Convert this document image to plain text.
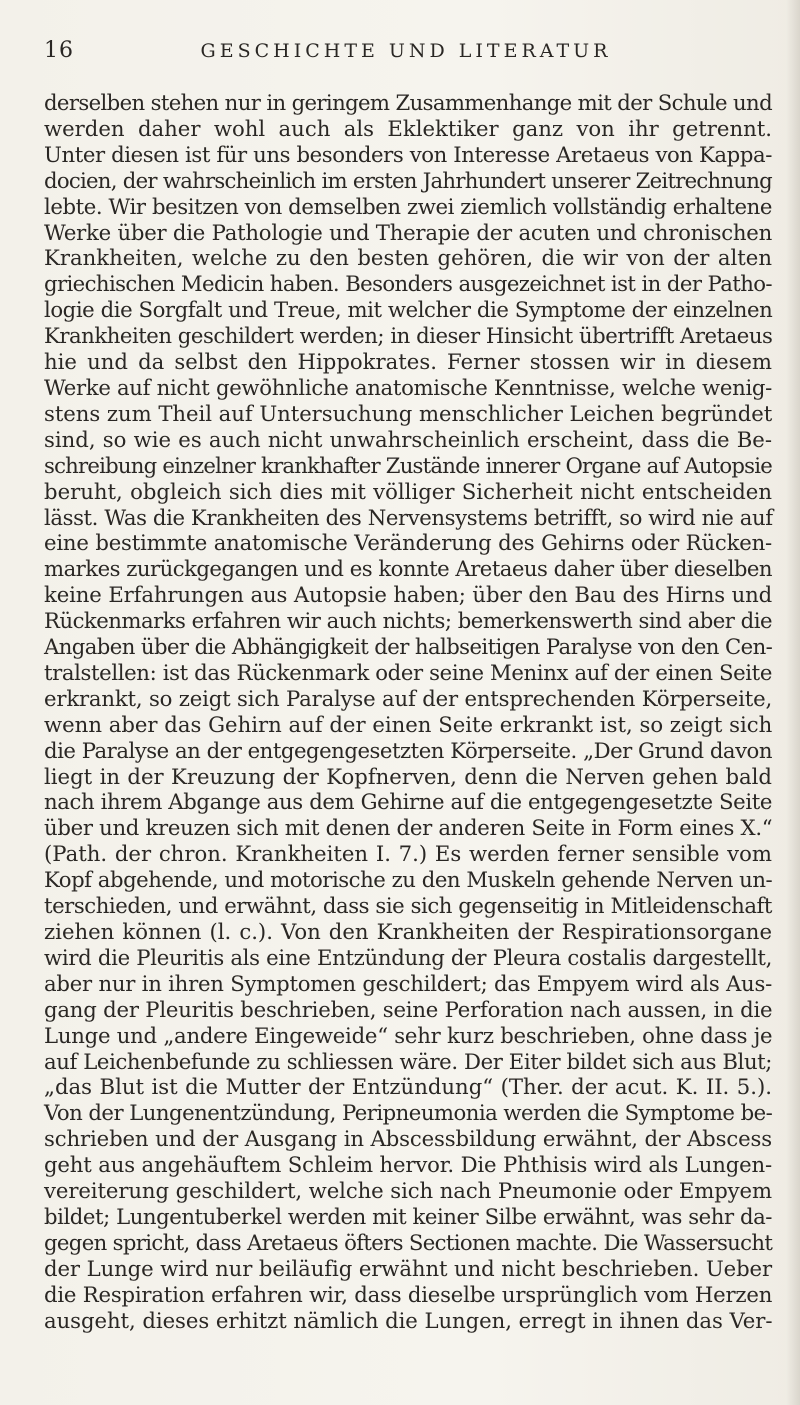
16	GESCHICHTE UND LITERATUR
derselben stehen nur in geringem Zusammenhange mit der Schule und
werden daher wohl auch als Eklektiker ganz von ihr getrennt.
Unter diesen ist für uns besonders von Interesse Aretaeus von Kappa-
docien, der wahrscheinlich im ersten Jahrhundert unserer Zeitrechnung
lebte. Wir besitzen von demselben zwei ziemlich vollständig erhaltene
Werke über die Pathologie und Therapie der acuten und chronischen
Krankheiten, welche zu den besten gehören, die wir von der alten
griechischen Medicin haben. Besonders ausgezeichnet ist in der Patho-
logie die Sorgfalt und Treue, mit welcher die Symptome der einzelnen
Krankheiten geschildert werden; in dieser Hinsicht übertrifft Aretaeus
hie und da selbst den Hippokrates. Ferner stossen wir in diesem
Werke auf nicht gewöhnliche anatomische Kenntnisse, welche wenig-
stens zum Theil auf Untersuchung menschlicher Leichen begründet
sind, so wie es auch nicht unwahrscheinlich erscheint, dass die Be-
schreibung einzelner krankhafter Zustände innerer Organe auf Autopsie
beruht, obgleich sich dies mit völliger Sicherheit nicht entscheiden
lässt. Was die Krankheiten des Nervensystems betrifft, so wird nie auf
eine bestimmte anatomische Veränderung des Gehirns oder Rücken-
markes zurückgegangen und es konnte Aretaeus daher über dieselben
keine Erfahrungen aus Autopsie haben; über den Bau des Hirns und
Rückenmarks erfahren wir auch nichts; bemerkenswerth sind aber die
Angaben über die Abhängigkeit der halbseitigen Paralyse von den Cen-
tralstellen: ist das Rückenmark oder seine Meninx auf der einen Seite
erkrankt, so zeigt sich Paralyse auf der entsprechenden Körperseite,
wenn aber das Gehirn auf der einen Seite erkrankt ist, so zeigt sich
die Paralyse an der entgegengesetzten Körperseite. „Der Grund davon
liegt in der Kreuzung der Kopfnerven, denn die Nerven gehen bald
nach ihrem Abgange aus dem Gehirne auf die entgegengesetzte Seite
über und kreuzen sich mit denen der anderen Seite in Form eines X.“
(Path. der chron. Krankheiten I. 7.) Es werden ferner sensible vom
Kopf abgehende, und motorische zu den Muskeln gehende Nerven un-
terschieden, und erwähnt, dass sie sich gegenseitig in Mitleidenschaft
ziehen können (l. c.). Von den Krankheiten der Respirationsorgane
wird die Pleuritis als eine Entzündung der Pleura costalis dargestellt,
aber nur in ihren Symptomen geschildert; das Empyem wird als Aus-
gang der Pleuritis beschrieben, seine Perforation nach aussen, in die
Lunge und „andere Eingeweide“ sehr kurz beschrieben, ohne dass je
auf Leichenbefunde zu schliessen wäre. Der Eiter bildet sich aus Blut;
„das Blut ist die Mutter der Entzündung“ (Ther. der acut. K. II. 5.).
Von der Lungenentzündung, Peripneumonia werden die Symptome be-
schrieben und der Ausgang in Abscessbildung erwähnt, der Abscess
geht aus angehäuftem Schleim hervor. Die Phthisis wird als Lungen-
vereiterung geschildert, welche sich nach Pneumonie oder Empyem
bildet; Lungentuberkel werden mit keiner Silbe erwähnt, was sehr da-
gegen spricht, dass Aretaeus öfters Sectionen machte. Die Wassersucht
der Lunge wird nur beiläufig erwähnt und nicht beschrieben. Ueber
die Respiration erfahren wir, dass dieselbe ursprünglich vom Herzen
ausgeht, dieses erhitzt nämlich die Lungen, erregt in ihnen das Ver-
